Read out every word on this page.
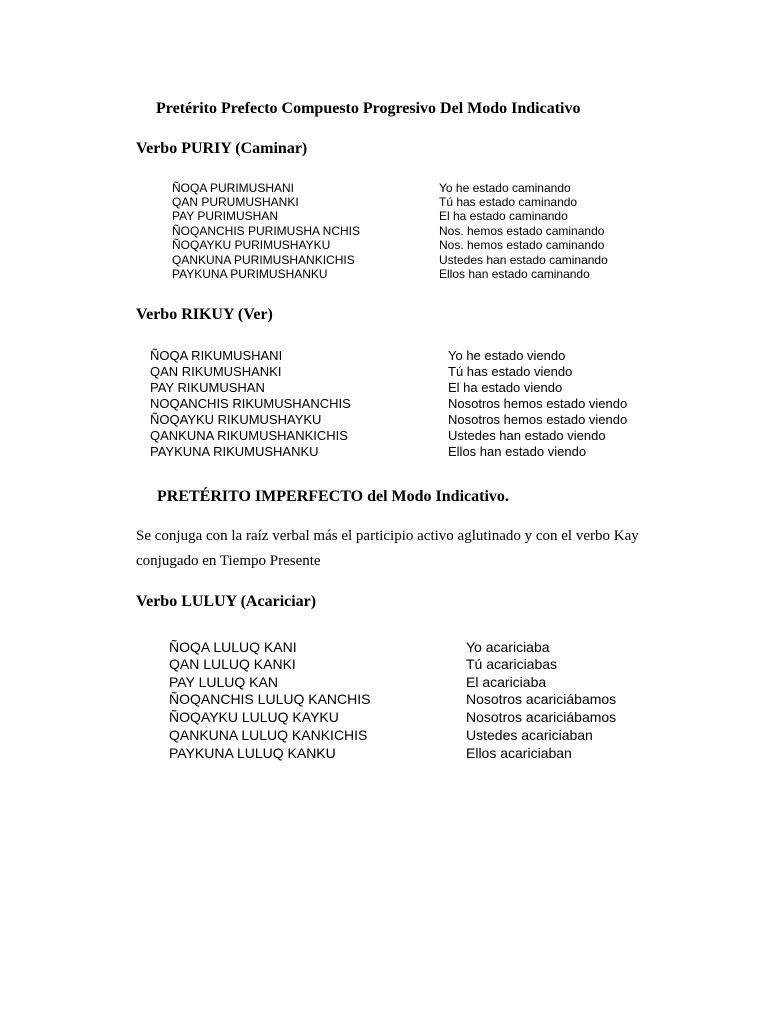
Pretérito Prefecto Compuesto Progresivo Del Modo Indicativo
Verbo PURIY (Caminar)
ÑOQA PURIMUSHANI	Yo he estado caminando
QAN PURUMUSHANKI	Tú has estado caminando
PAY PURIMUSHAN	El ha estado caminando
ÑOQANCHIS PURIMUSHA NCHIS	Nos. hemos estado caminando
ÑOQAYKU PURIMUSHAYKU	Nos. hemos estado caminando
QANKUNA PURIMUSHANKICHIS	Ustedes han estado caminando
PAYKUNA PURIMUSHANKU	Ellos han estado caminando
Verbo RIKUY (Ver)
ÑOQA RIKUMUSHANI	Yo he estado viendo
QAN RIKUMUSHANKI	Tú has estado viendo
PAY RIKUMUSHAN	El ha estado viendo
NOQANCHIS RIKUMUSHANCHIS	Nosotros hemos estado viendo
ÑOQAYKU RIKUMUSHAYKU	Nosotros hemos estado viendo
QANKUNA RIKUMUSHANKICHIS	Ustedes han estado viendo
PAYKUNA RIKUMUSHANKU	Ellos han estado viendo
PRETÉRITO IMPERFECTO del Modo Indicativo.
Se conjuga con la raíz verbal más el participio activo aglutinado y con el verbo Kay
conjugado en Tiempo Presente
Verbo LULUY (Acariciar)
ÑOQA LULUQ KANI	Yo acariciaba
QAN LULUQ KANKI	Tú acariciabas
PAY LULUQ KAN	El acariciaba
ÑOQANCHIS LULUQ KANCHIS	Nosotros acariciábamos
ÑOQAYKU LULUQ KAYKU	Nosotros acariciábamos
QANKUNA LULUQ KANKICHIS	Ustedes acariciaban
PAYKUNA LULUQ KANKU	Ellos acariciaban
